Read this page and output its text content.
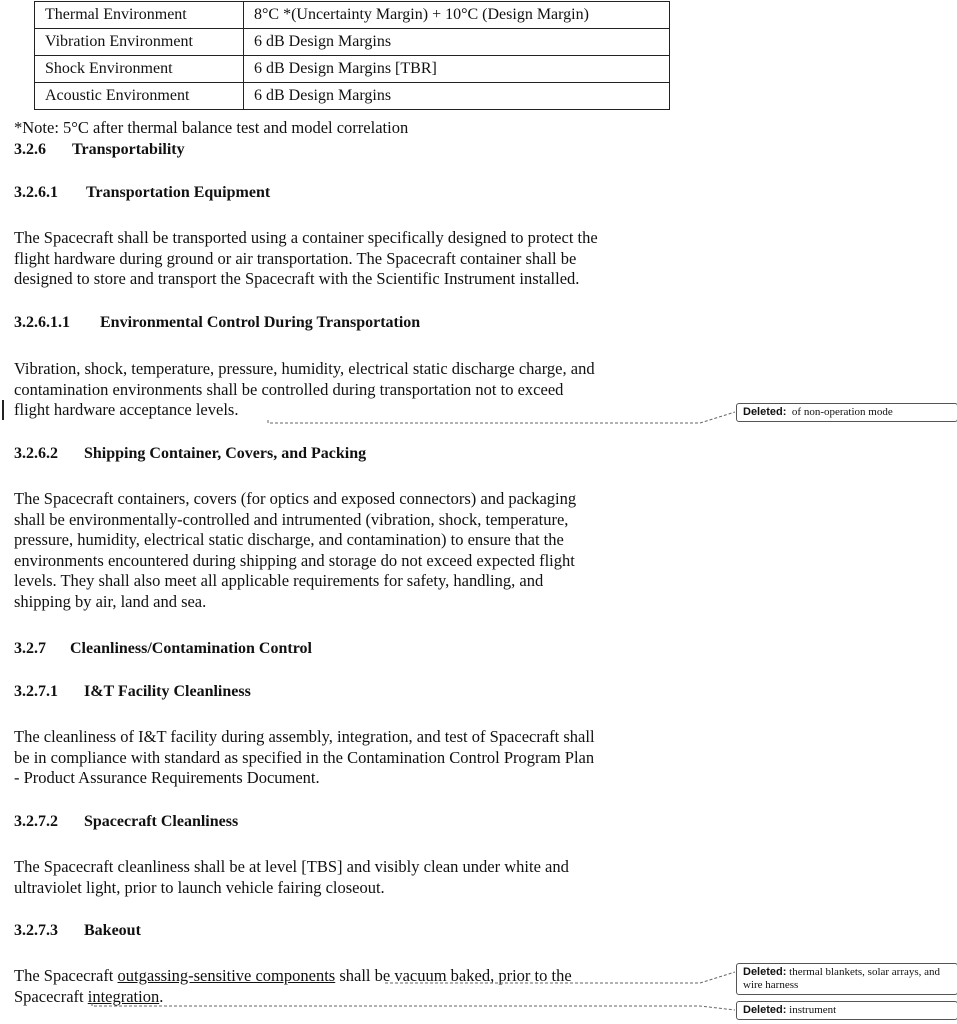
Thermal Environment	8°C *(Uncertainty Margin) + 10°C (Design Margin)
Vibration Environment	6 dB Design Margins
Shock Environment	6 dB Design Margins [TBR]
Acoustic Environment	6 dB Design Margins
*Note: 5°C after thermal balance test and model correlation
3.2.6 Transportability
3.2.6.1 Transportation Equipment
The Spacecraft shall be transported using a container specifically designed to protect the
flight hardware during ground or air transportation. The Spacecraft container shall be
designed to store and transport the Spacecraft with the Scientific Instrument installed.
3.2.6.1.1 Environmental Control During Transportation
Vibration, shock, temperature, pressure, humidity, electrical static discharge charge, and
contamination environments shall be controlled during transportation not to exceed
flight hardware acceptance levels.
3.2.6.2 Shipping Container, Covers, and Packing
The Spacecraft containers, covers (for optics and exposed connectors) and packaging
shall be environmentally-controlled and intrumented (vibration, shock, temperature,
pressure, humidity, electrical static discharge, and contamination) to ensure that the
environments encountered during shipping and storage do not exceed expected flight
levels. They shall also meet all applicable requirements for safety, handling, and
shipping by air, land and sea.
3.2.7 Cleanliness/Contamination Control
3.2.7.1 I&T Facility Cleanliness
The cleanliness of I&T facility during assembly, integration, and test of Spacecraft shall
be in compliance with standard as specified in the Contamination Control Program Plan
- Product Assurance Requirements Document.
3.2.7.2 Spacecraft Cleanliness
The Spacecraft cleanliness shall be at level [TBS] and visibly clean under white and
ultraviolet light, prior to launch vehicle fairing closeout.
3.2.7.3 Bakeout
The Spacecraft outgassing-sensitive components shall be vacuum baked, prior to the
Spacecraft integration.
Deleted: of non-operation mode
Deleted: thermal blankets, solar arrays, and wire harness
Deleted: instrument
